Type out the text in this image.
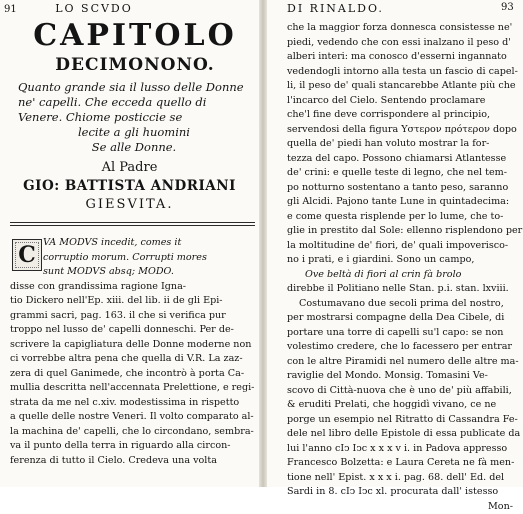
91	LO SCVDO
CAPITOLO
DECIMONONO.
Quanto grande sia il lusso delle Donne
ne' capelli. Che ecceda quello di
Venere. Chiome posticcie se
lecite a gli huomini
Se alle Donne.
Al Padre
GIO: BATTISTA ANDRIANI
GIESVITA.
C VA MODVS incedit, comes it
corruptio morum. Corrupti mores
sunt MODVS absq; MODO.
disse con grandissima ragione Igna-
tio Dickero nell'Ep. xiii. del lib. ii de gli Epi-
grammi sacri, pag. 163. il che si verifica pur
troppo nel lusso de' capelli donneschi. Per de-
scrivere la capigliatura delle Donne moderne non
ci vorrebbe altra pena che quella di V.R. La zaz-
zera di quel Ganimede, che incontrò à porta Ca-
mullia descritta nell'accennata Prelettione, e regi-
strata da me nel c.xiv. modestissima in rispetto
a quelle delle nostre Veneri. Il volto comparato al-
la machina de' capelli, che lo circondano, sembra-
va il punto della terra in riguardo alla circon-
ferenza di tutto il Cielo. Credeva una volta
DI RINALDO.	93
che la maggior forza donnesca consistesse ne'
piedi, vedendo che con essi inalzano il peso d'
alberi interi: ma conosco d'esserni ingannato
vedendogli intorno alla testa un fascio di capel-
li, il peso de' quali stancarebbe Atlante più che
l'incarco del Cielo. Sentendo proclamare
che'l fine deve corrispondere al principio,
servendosi della figura Υστερον πρότερον dopo
quella de' piedi han voluto mostrar la for-
tezza del capo. Possono chiamarsi Atlantesse
de' crini: e quelle teste di legno, che nel tem-
po notturno sostentano a tanto peso, saranno
gli Alcidi. Pajono tante Lune in quintadecima:
e come questa risplende per lo lume, che to-
glie in prestito dal Sole: ellenno risplendono per
la moltitudine de' fiori, de' quali impoverisco-
no i prati, e i giardini. Sono un campo,
Ove beltà di fiori al crin fà brolo
direbbe il Politiano nelle Stan. p.i. stan. lxviii.
Costumavano due secoli prima del nostro,
per mostrarsi compagne della Dea Cibele, di
portare una torre di capelli su'l capo: se non
volestimo credere, che lo facessero per entrar
con le altre Piramidi nel numero delle altre ma-
raviglie del Mondo. Monsig. Tomasini Ve-
scovo di Città-nuova che è uno de' più affabili,
& eruditi Prelati, che hoggidì vivano, ce ne
porge un esempio nel Ritratto di Cassandra Fe-
dele nel libro delle Epistole di essa publicate da
lui l'anno cIↄ Iↄc x x x v i. in Padova appresso
Francesco Bolzetta: e Laura Cereta ne fà men-
tione nell' Epist. x x x i. pag. 68. dell' Ed. del
Sardi in 8. cIↄ Iↄc xl. procurata dall' istesso
Mon-
